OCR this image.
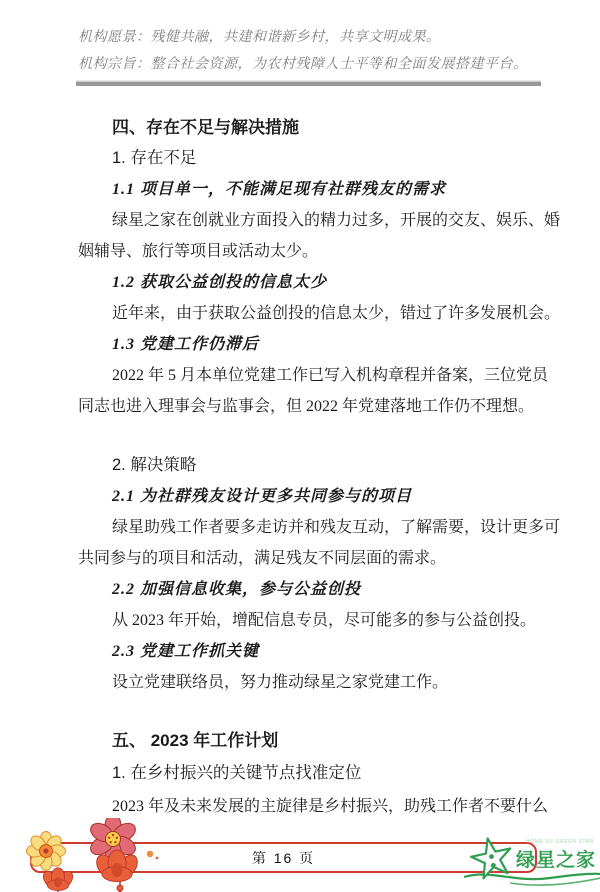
机构愿景：残健共融，共建和谐新乡村，共享文明成果。
机构宗旨：整合社会资源，为农村残障人士平等和全面发展搭建平台。
四、存在不足与解决措施
1. 存在不足
1.1 项目单一，不能满足现有社群残友的需求
绿星之家在创就业方面投入的精力过多，开展的交友、娱乐、婚
姻辅导、旅行等项目或活动太少。
1.2 获取公益创投的信息太少
近年来，由于获取公益创投的信息太少，错过了许多发展机会。
1.3 党建工作仍滞后
2022 年 5 月本单位党建工作已写入机构章程并备案，三位党员
同志也进入理事会与监事会，但 2022 年党建落地工作仍不理想。
2. 解决策略
2.1 为社群残友设计更多共同参与的项目
绿星助残工作者要多走访并和残友互动，了解需要，设计更多可
共同参与的项目和活动，满足残友不同层面的需求。
2.2 加强信息收集，参与公益创投
从 2023 年开始，增配信息专员，尽可能多的参与公益创投。
2.3 党建工作抓关键
设立党建联络员，努力推动绿星之家党建工作。
五、 2023 年工作计划
1. 在乡村振兴的关键节点找准定位
2023 年及未来发展的主旋律是乡村振兴，助残工作者不要什么
第 16 页
HOME OF GREEN STAR
绿星之家
